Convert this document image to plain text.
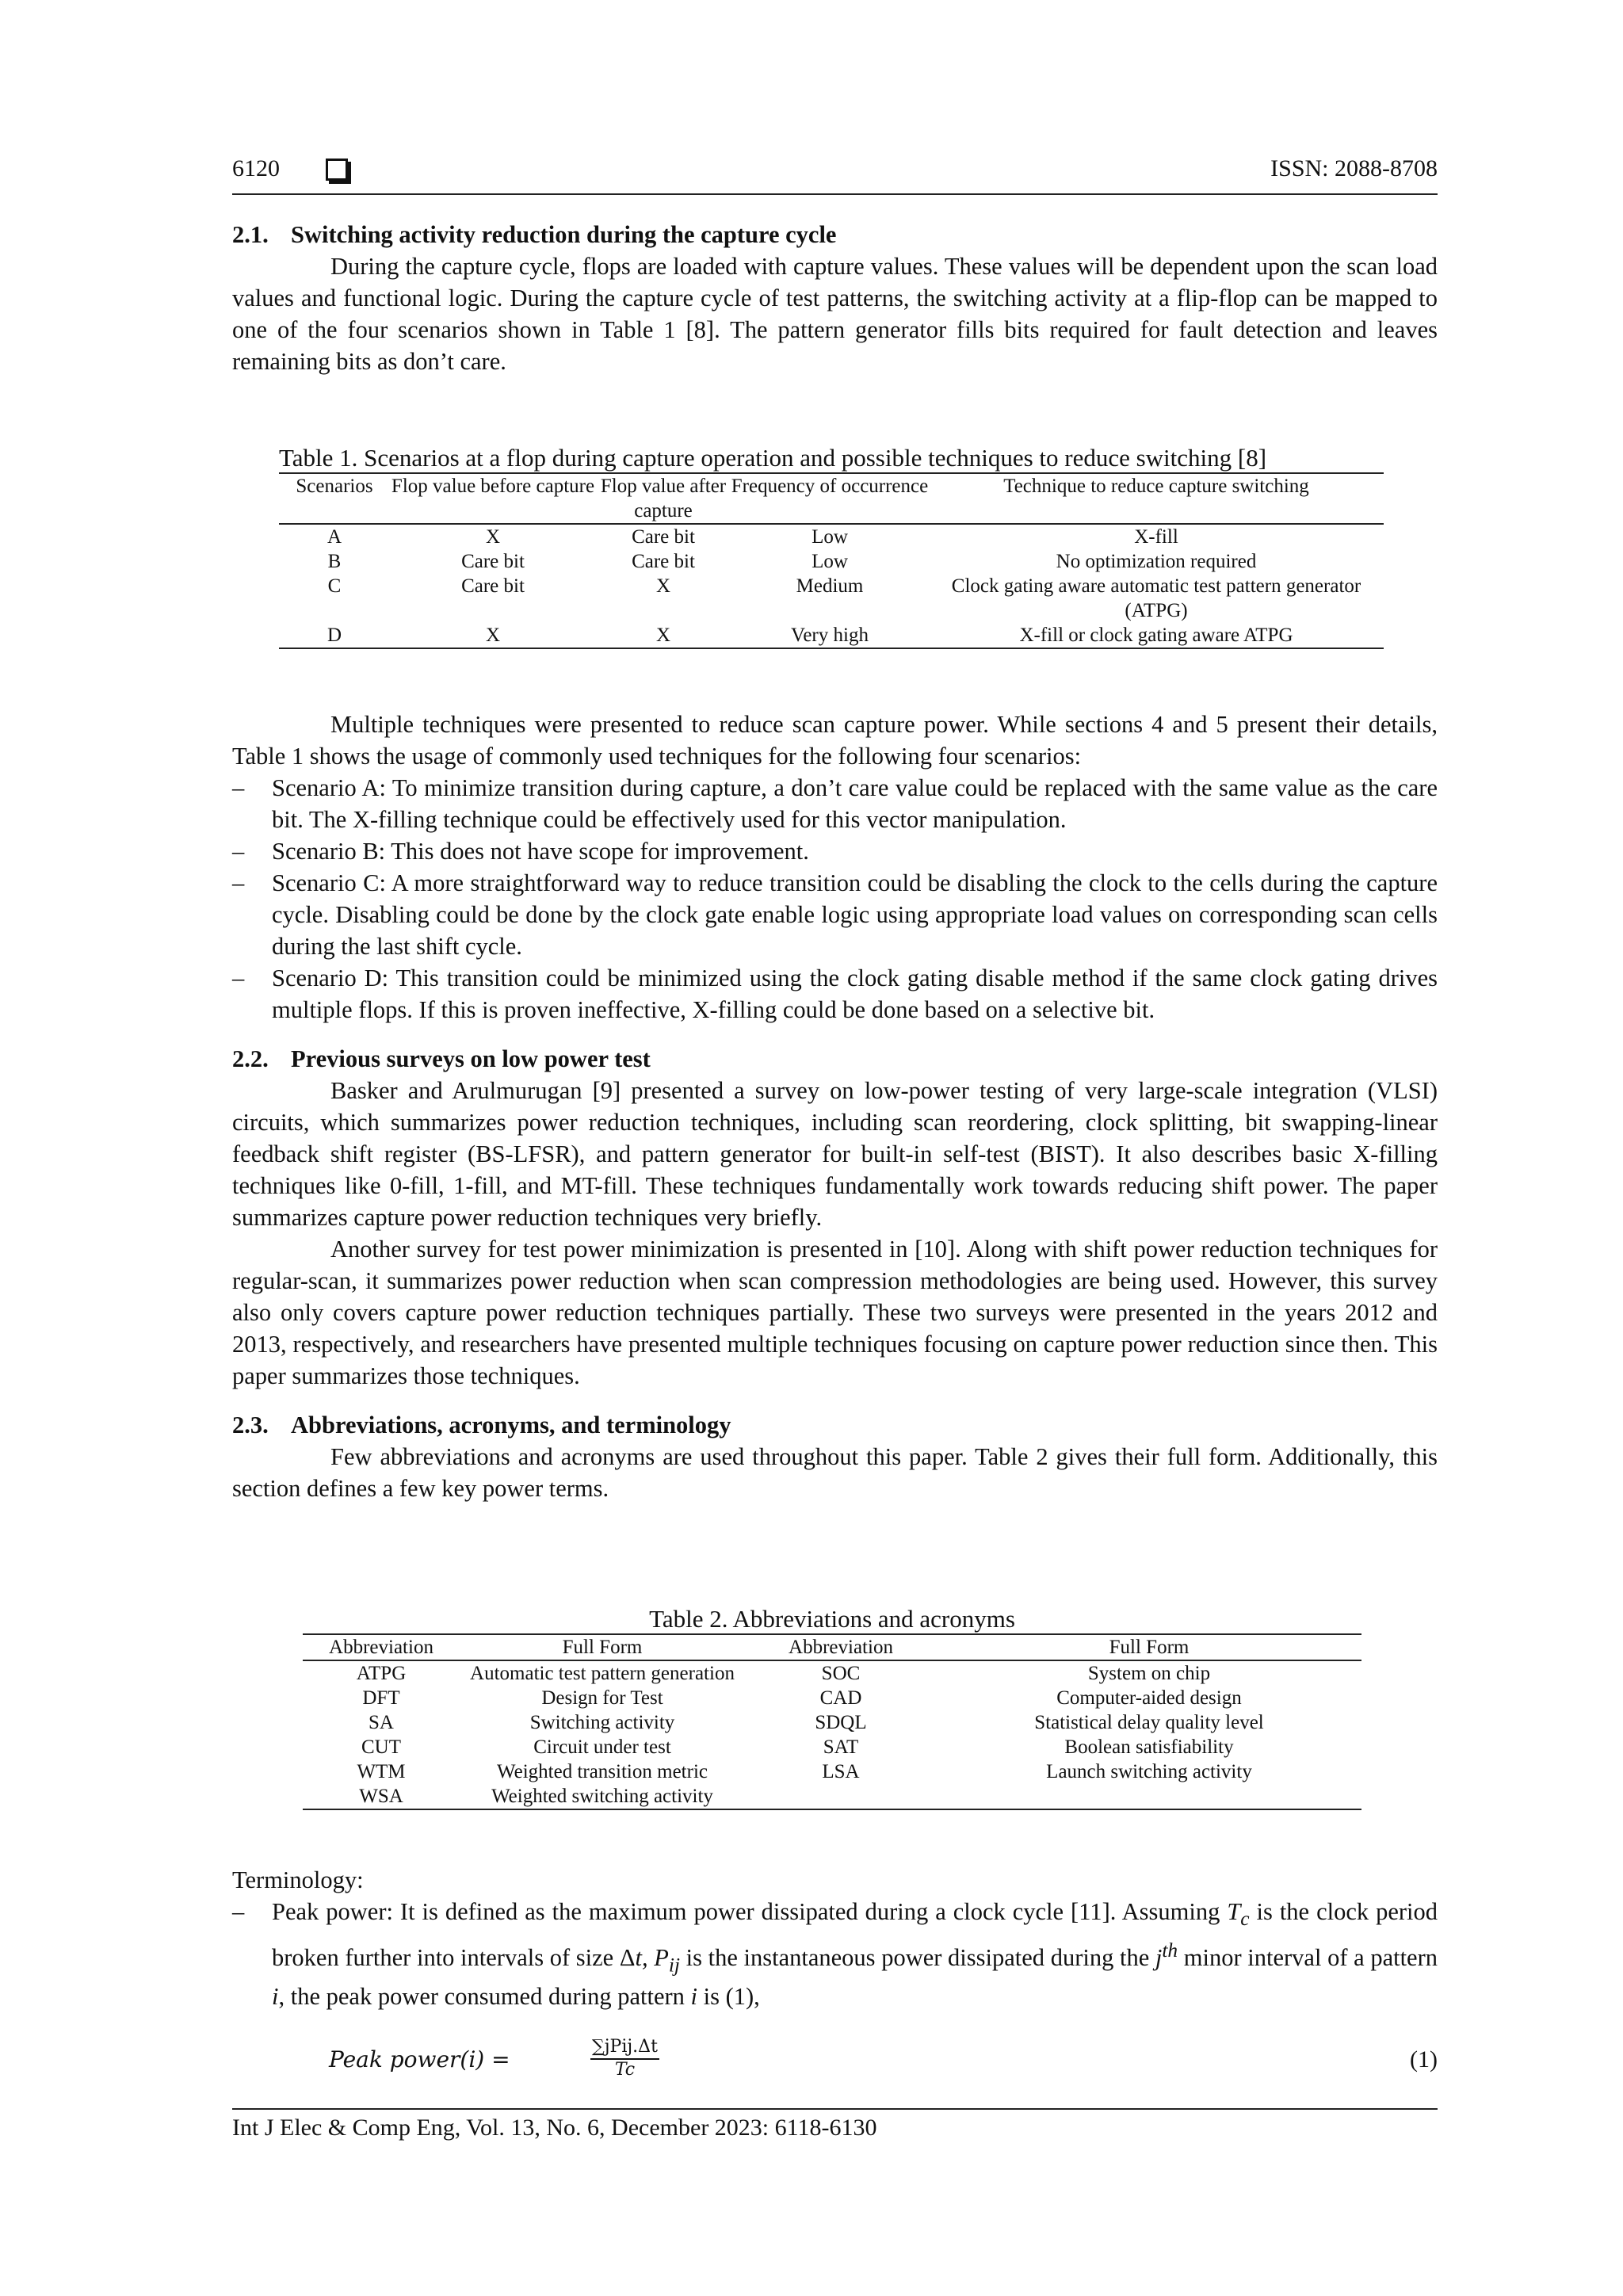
6120	ISSN: 2088-8708

2.1. Switching activity reduction during the capture cycle

During the capture cycle, flops are loaded with capture values. These values will be dependent upon the scan load values and functional logic. During the capture cycle of test patterns, the switching activity at a flip-flop can be mapped to one of the four scenarios shown in Table 1 [8]. The pattern generator fills bits required for fault detection and leaves remaining bits as don’t care.

Table 1. Scenarios at a flop during capture operation and possible techniques to reduce switching [8]

Scenarios	Flop value before capture	Flop value after capture	Frequency of occurrence	Technique to reduce capture switching
A	X	Care bit	Low	X-fill
B	Care bit	Care bit	Low	No optimization required
C	Care bit	X	Medium	Clock gating aware automatic test pattern generator (ATPG)
D	X	X	Very high	X-fill or clock gating aware ATPG

Multiple techniques were presented to reduce scan capture power. While sections 4 and 5 present their details, Table 1 shows the usage of commonly used techniques for the following four scenarios:

– Scenario A: To minimize transition during capture, a don’t care value could be replaced with the same value as the care bit. The X-filling technique could be effectively used for this vector manipulation.

– Scenario B: This does not have scope for improvement.

– Scenario C: A more straightforward way to reduce transition could be disabling the clock to the cells during the capture cycle. Disabling could be done by the clock gate enable logic using appropriate load values on corresponding scan cells during the last shift cycle.

– Scenario D: This transition could be minimized using the clock gating disable method if the same clock gating drives multiple flops. If this is proven ineffective, X-filling could be done based on a selective bit.

2.2. Previous surveys on low power test

Basker and Arulmurugan [9] presented a survey on low-power testing of very large-scale integration (VLSI) circuits, which summarizes power reduction techniques, including scan reordering, clock splitting, bit swapping-linear feedback shift register (BS-LFSR), and pattern generator for built-in self-test (BIST). It also describes basic X-filling techniques like 0-fill, 1-fill, and MT-fill. These techniques fundamentally work towards reducing shift power. The paper summarizes capture power reduction techniques very briefly.

Another survey for test power minimization is presented in [10]. Along with shift power reduction techniques for regular-scan, it summarizes power reduction when scan compression methodologies are being used. However, this survey also only covers capture power reduction techniques partially. These two surveys were presented in the years 2012 and 2013, respectively, and researchers have presented multiple techniques focusing on capture power reduction since then. This paper summarizes those techniques.

2.3. Abbreviations, acronyms, and terminology

Few abbreviations and acronyms are used throughout this paper. Table 2 gives their full form. Additionally, this section defines a few key power terms.

Table 2. Abbreviations and acronyms

Abbreviation	Full Form	Abbreviation	Full Form
ATPG	Automatic test pattern generation	SOC	System on chip
DFT	Design for Test	CAD	Computer-aided design
SA	Switching activity	SDQL	Statistical delay quality level
CUT	Circuit under test	SAT	Boolean satisfiability
WTM	Weighted transition metric	LSA	Launch switching activity
WSA	Weighted switching activity		

Terminology:

– Peak power: It is defined as the maximum power dissipated during a clock cycle [11]. Assuming $T_c$ is the clock period broken further into intervals of size Δt, $P_{ij}$ is the instantaneous power dissipated during the $j^{th}$ minor interval of a pattern i, the peak power consumed during pattern i is (1),

Peak power(i) =	∑jPij.Δt
Tc	(1)
Int J Elec & Comp Eng, Vol. 13, No. 6, December 2023: 6118-6130
